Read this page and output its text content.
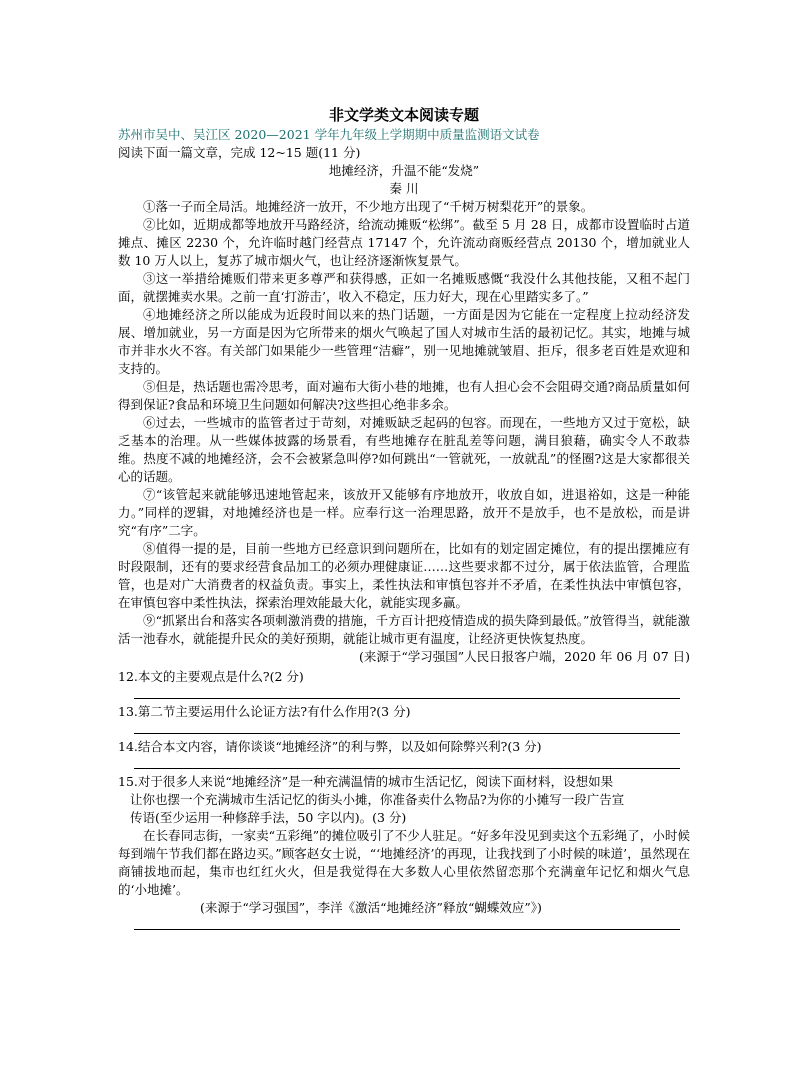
非文学类文本阅读专题

苏州市吴中、吴江区 2020—2021 学年九年级上学期期中质量监测语文试卷

阅读下面一篇文章，完成 12~15 题(11 分)

地摊经济，升温不能“发烧”

秦 川

①落一子而全局活。地摊经济一放开，不少地方出现了“千树万树梨花开”的景象。

②比如，近期成都等地放开马路经济，给流动摊贩“松绑”。截至 5 月 28 日，成都市设置临时占道摊点、摊区 2230 个，允许临时越门经营点 17147 个，允许流动商贩经营点 20130 个，增加就业人数 10 万人以上，复苏了城市烟火气，也让经济逐渐恢复景气。

③这一举措给摊贩们带来更多尊严和获得感，正如一名摊贩感慨“我没什么其他技能，又租不起门面，就摆摊卖水果。之前一直‘打游击’，收入不稳定，压力好大，现在心里踏实多了。”

④地摊经济之所以能成为近段时间以来的热门话题，一方面是因为它能在一定程度上拉动经济发展、增加就业，另一方面是因为它所带来的烟火气唤起了国人对城市生活的最初记忆。其实，地摊与城市并非水火不容。有关部门如果能少一些管理“洁癖”，别一见地摊就皱眉、拒斥，很多老百姓是欢迎和支持的。

⑤但是，热话题也需冷思考，面对遍布大街小巷的地摊，也有人担心会不会阻碍交通?商品质量如何得到保证?食品和环境卫生问题如何解决?这些担心绝非多余。

⑥过去，一些城市的监管者过于苛刻，对摊贩缺乏起码的包容。而现在，一些地方又过于宽松，缺乏基本的治理。从一些媒体披露的场景看，有些地摊存在脏乱差等问题，满目狼藉，确实令人不敢恭维。热度不减的地摊经济，会不会被紧急叫停?如何跳出“一管就死，一放就乱”的怪圈?这是大家都很关心的话题。

⑦“该管起来就能够迅速地管起来，该放开又能够有序地放开，收放自如，进退裕如，这是一种能力。”同样的逻辑，对地摊经济也是一样。应奉行这一治理思路，放开不是放手，也不是放松，而是讲究“有序”二字。

⑧值得一提的是，目前一些地方已经意识到问题所在，比如有的划定固定摊位，有的提出摆摊应有时段限制，还有的要求经营食品加工的必须办理健康证……这些要求都不过分，属于依法监管，合理监管，也是对广大消费者的权益负责。事实上，柔性执法和审慎包容并不矛盾，在柔性执法中审慎包容，在审慎包容中柔性执法，探索治理效能最大化，就能实现多赢。

⑨“抓紧出台和落实各项刺激消费的措施，千方百计把疫情造成的损失降到最低。”放管得当，就能激活一池春水，就能提升民众的美好预期，就能让城市更有温度，让经济更快恢复热度。

(来源于“学习强国”人民日报客户端，2020 年 06 月 07 日)

12.本文的主要观点是什么?(2 分)

13.第二节主要运用什么论证方法?有什么作用?(3 分)

14.结合本文内容，请你谈谈“地摊经济”的利与弊，以及如何除弊兴利?(3 分)

15.对于很多人来说“地摊经济”是一种充满温情的城市生活记忆，阅读下面材料，设想如果
让你也摆一个充满城市生活记忆的街头小摊，你准备卖什么物品?为你的小摊写一段广告宣
传语(至少运用一种修辞手法，50 字以内)。(3 分)

在长春同志街，一家卖“五彩绳”的摊位吸引了不少人驻足。“好多年没见到卖这个五彩绳了，小时候每到端午节我们都在路边买。”顾客赵女士说，“‘地摊经济’的再现，让我找到了小时候的味道’，虽然现在商铺拔地而起，集市也红红火火，但是我觉得在大多数人心里依然留恋那个充满童年记忆和烟火气息的‘小地摊’。

(来源于“学习强国”，李洋《激活“地摊经济”释放“蝴蝶效应”》)
